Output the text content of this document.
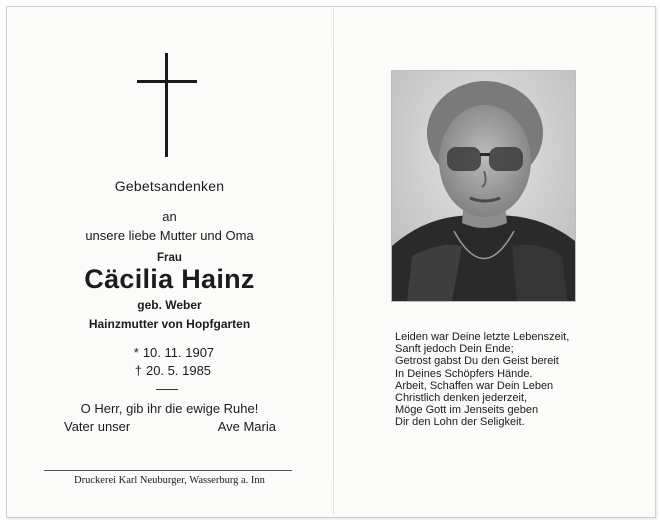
Gebetsandenken
an
unsere liebe Mutter und Oma
Frau
Cäcilia Hainz
geb. Weber
Hainzmutter von Hopfgarten
* 10. 11. 1907
† 20. 5. 1985
O Herr, gib ihr die ewige Ruhe!
Vater unser	Ave Maria
Druckerei Karl Neuburger, Wasserburg a. Inn
Leiden war Deine letzte Lebenszeit,
Sanft jedoch Dein Ende;
Getrost gabst Du den Geist bereit
In Deines Schöpfers Hände.
Arbeit, Schaffen war Dein Leben
Christlich denken jederzeit,
Möge Gott im Jenseits geben
Dir den Lohn der Seligkeit.
